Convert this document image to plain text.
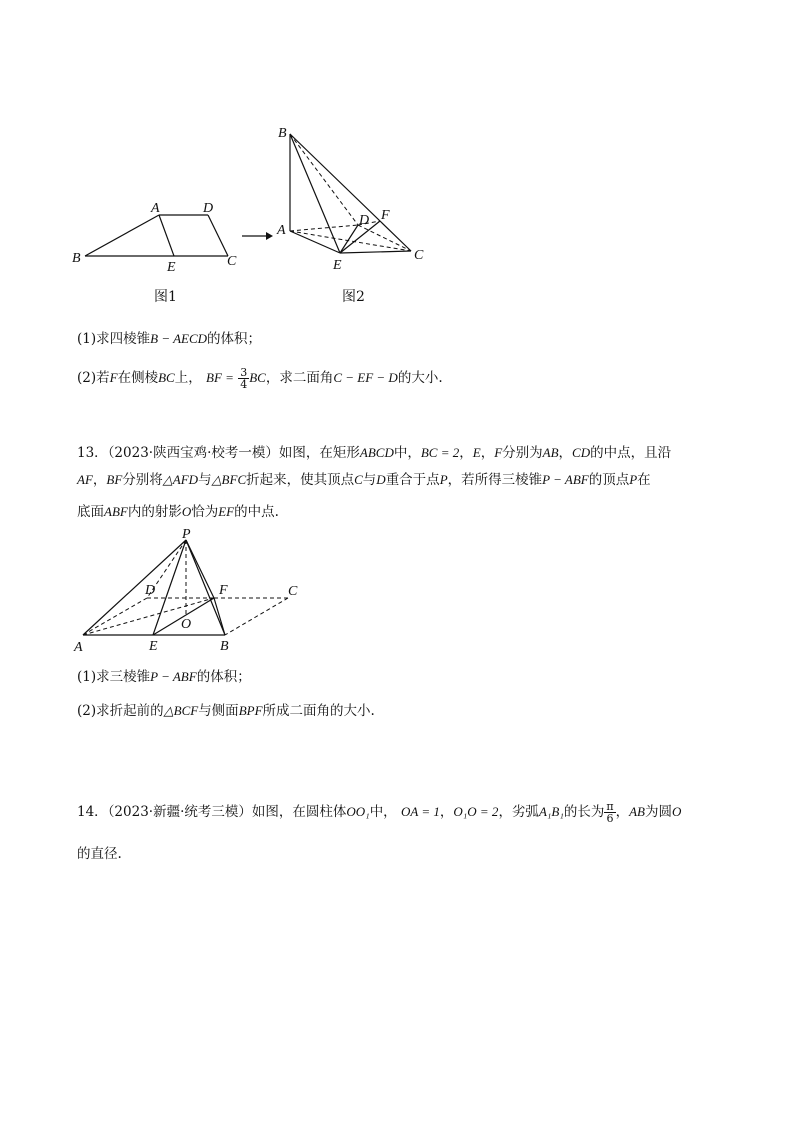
A	D
B
E	C
图1
B
A
D F
E
C
图2
(1)求四棱锥B − AECD的体积；
(2)若F在侧棱BC上， BF = $\frac{3}{4}$ BC，求二面角C − EF − D的大小.
13．（2023·陕西宝鸡·校考一模）如图，在矩形ABCD中，BC = 2，E，F分别为AB，CD的中点，且沿
AF，BF分别将△AFD与△BFC折起来，使其顶点C与D重合于点P，若所得三棱锥P − ABF的顶点P在
底面ABF内的射影O恰为EF的中点.
P
D	F	C
O
A	E	B
(1)求三棱锥P − ABF的体积；
(2)求折起前的△BCF与侧面BPF所成二面角的大小.
14．（2023·新疆·统考三模）如图，在圆柱体OO₁中， OA = 1，O₁O = 2，劣弧A₁B₁的长为 $\frac{\pi}{6}$ ，AB为圆O
的直径.
